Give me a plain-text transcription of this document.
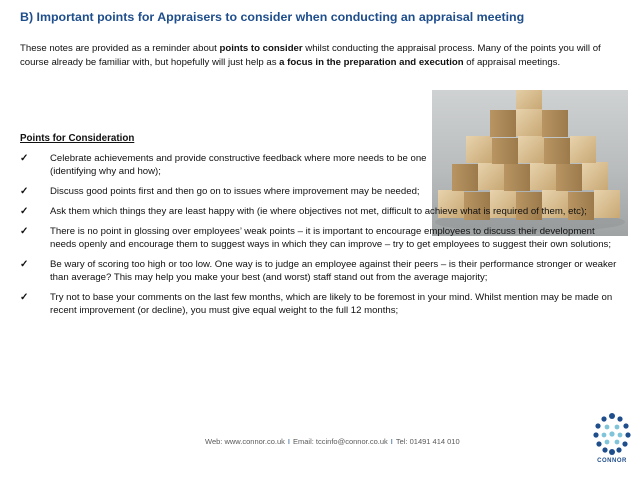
B) Important points for Appraisers to consider when conducting an appraisal meeting
These notes are provided as a reminder about points to consider whilst conducting the appraisal process. Many of the points you will of course already be familiar with, but hopefully will just help as a focus in the preparation and execution of appraisal meetings.
Points for Consideration
✓ Celebrate achievements and provide constructive feedback where more needs to be one (identifying why and how);
✓ Discuss good points first and then go on to issues where improvement may be needed;
✓ Ask them which things they are least happy with (ie where objectives not met, difficult to achieve what is required of them, etc);
✓ There is no point in glossing over employees’ weak points – it is important to encourage employees to discuss their development needs openly and encourage them to suggest ways in which they can improve – try to get employees to suggest their own solutions;
✓ Be wary of scoring too high or too low. One way is to judge an employee against their peers – is their performance stronger or weaker than average? This may help you make your best (and worst) staff stand out from the average majority;
✓ Try not to base your comments on the last few months, which are likely to be foremost in your mind. Whilst mention may be made on recent improvement (or decline), you must give equal weight to the full 12 months;
Web: www.connor.co.uk I Email: tccinfo@connor.co.uk I Tel: 01491 414 010
CONNOR
